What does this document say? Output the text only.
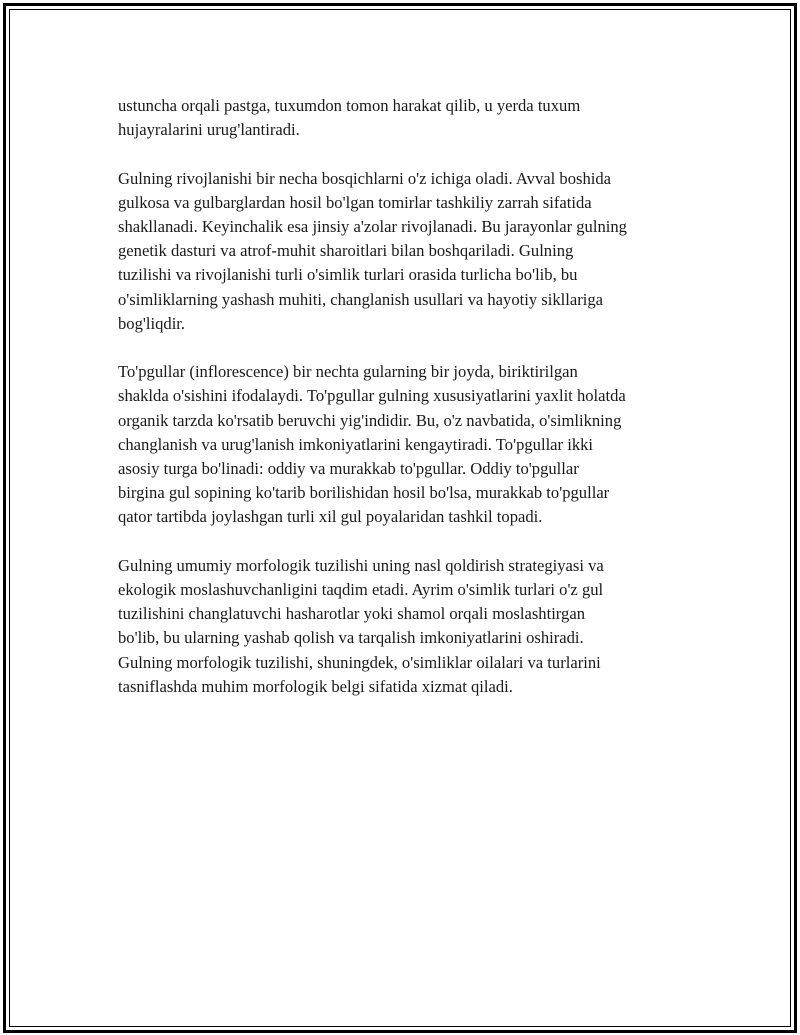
ustuncha orqali pastga, tuxumdon tomon harakat qilib, u yerda tuxum
hujayralarini urug'lantiradi.

Gulning rivojlanishi bir necha bosqichlarni o'z ichiga oladi. Avval boshida
gulkosa va gulbarglardan hosil bo'lgan tomirlar tashkiliy zarrah sifatida
shakllanadi. Keyinchalik esa jinsiy a'zolar rivojlanadi. Bu jarayonlar gulning
genetik dasturi va atrof-muhit sharoitlari bilan boshqariladi. Gulning
tuzilishi va rivojlanishi turli o'simlik turlari orasida turlicha bo'lib, bu
o'simliklarning yashash muhiti, changlanish usullari va hayotiy sikllariga
bog'liqdir.

To'pgullar (inflorescence) bir nechta gularning bir joyda, biriktirilgan
shaklda o'sishini ifodalaydi. To'pgullar gulning xususiyatlarini yaxlit holatda
organik tarzda ko'rsatib beruvchi yig'indidir. Bu, o'z navbatida, o'simlikning
changlanish va urug'lanish imkoniyatlarini kengaytiradi. To'pgullar ikki
asosiy turga bo'linadi: oddiy va murakkab to'pgullar. Oddiy to'pgullar
birgina gul sopining ko'tarib borilishidan hosil bo'lsa, murakkab to'pgullar
qator tartibda joylashgan turli xil gul poyalaridan tashkil topadi.

Gulning umumiy morfologik tuzilishi uning nasl qoldirish strategiyasi va
ekologik moslashuvchanligini taqdim etadi. Ayrim o'simlik turlari o'z gul
tuzilishini changlatuvchi hasharotlar yoki shamol orqali moslashtirgan
bo'lib, bu ularning yashab qolish va tarqalish imkoniyatlarini oshiradi.
Gulning morfologik tuzilishi, shuningdek, o'simliklar oilalari va turlarini
tasniflashda muhim morfologik belgi sifatida xizmat qiladi.
